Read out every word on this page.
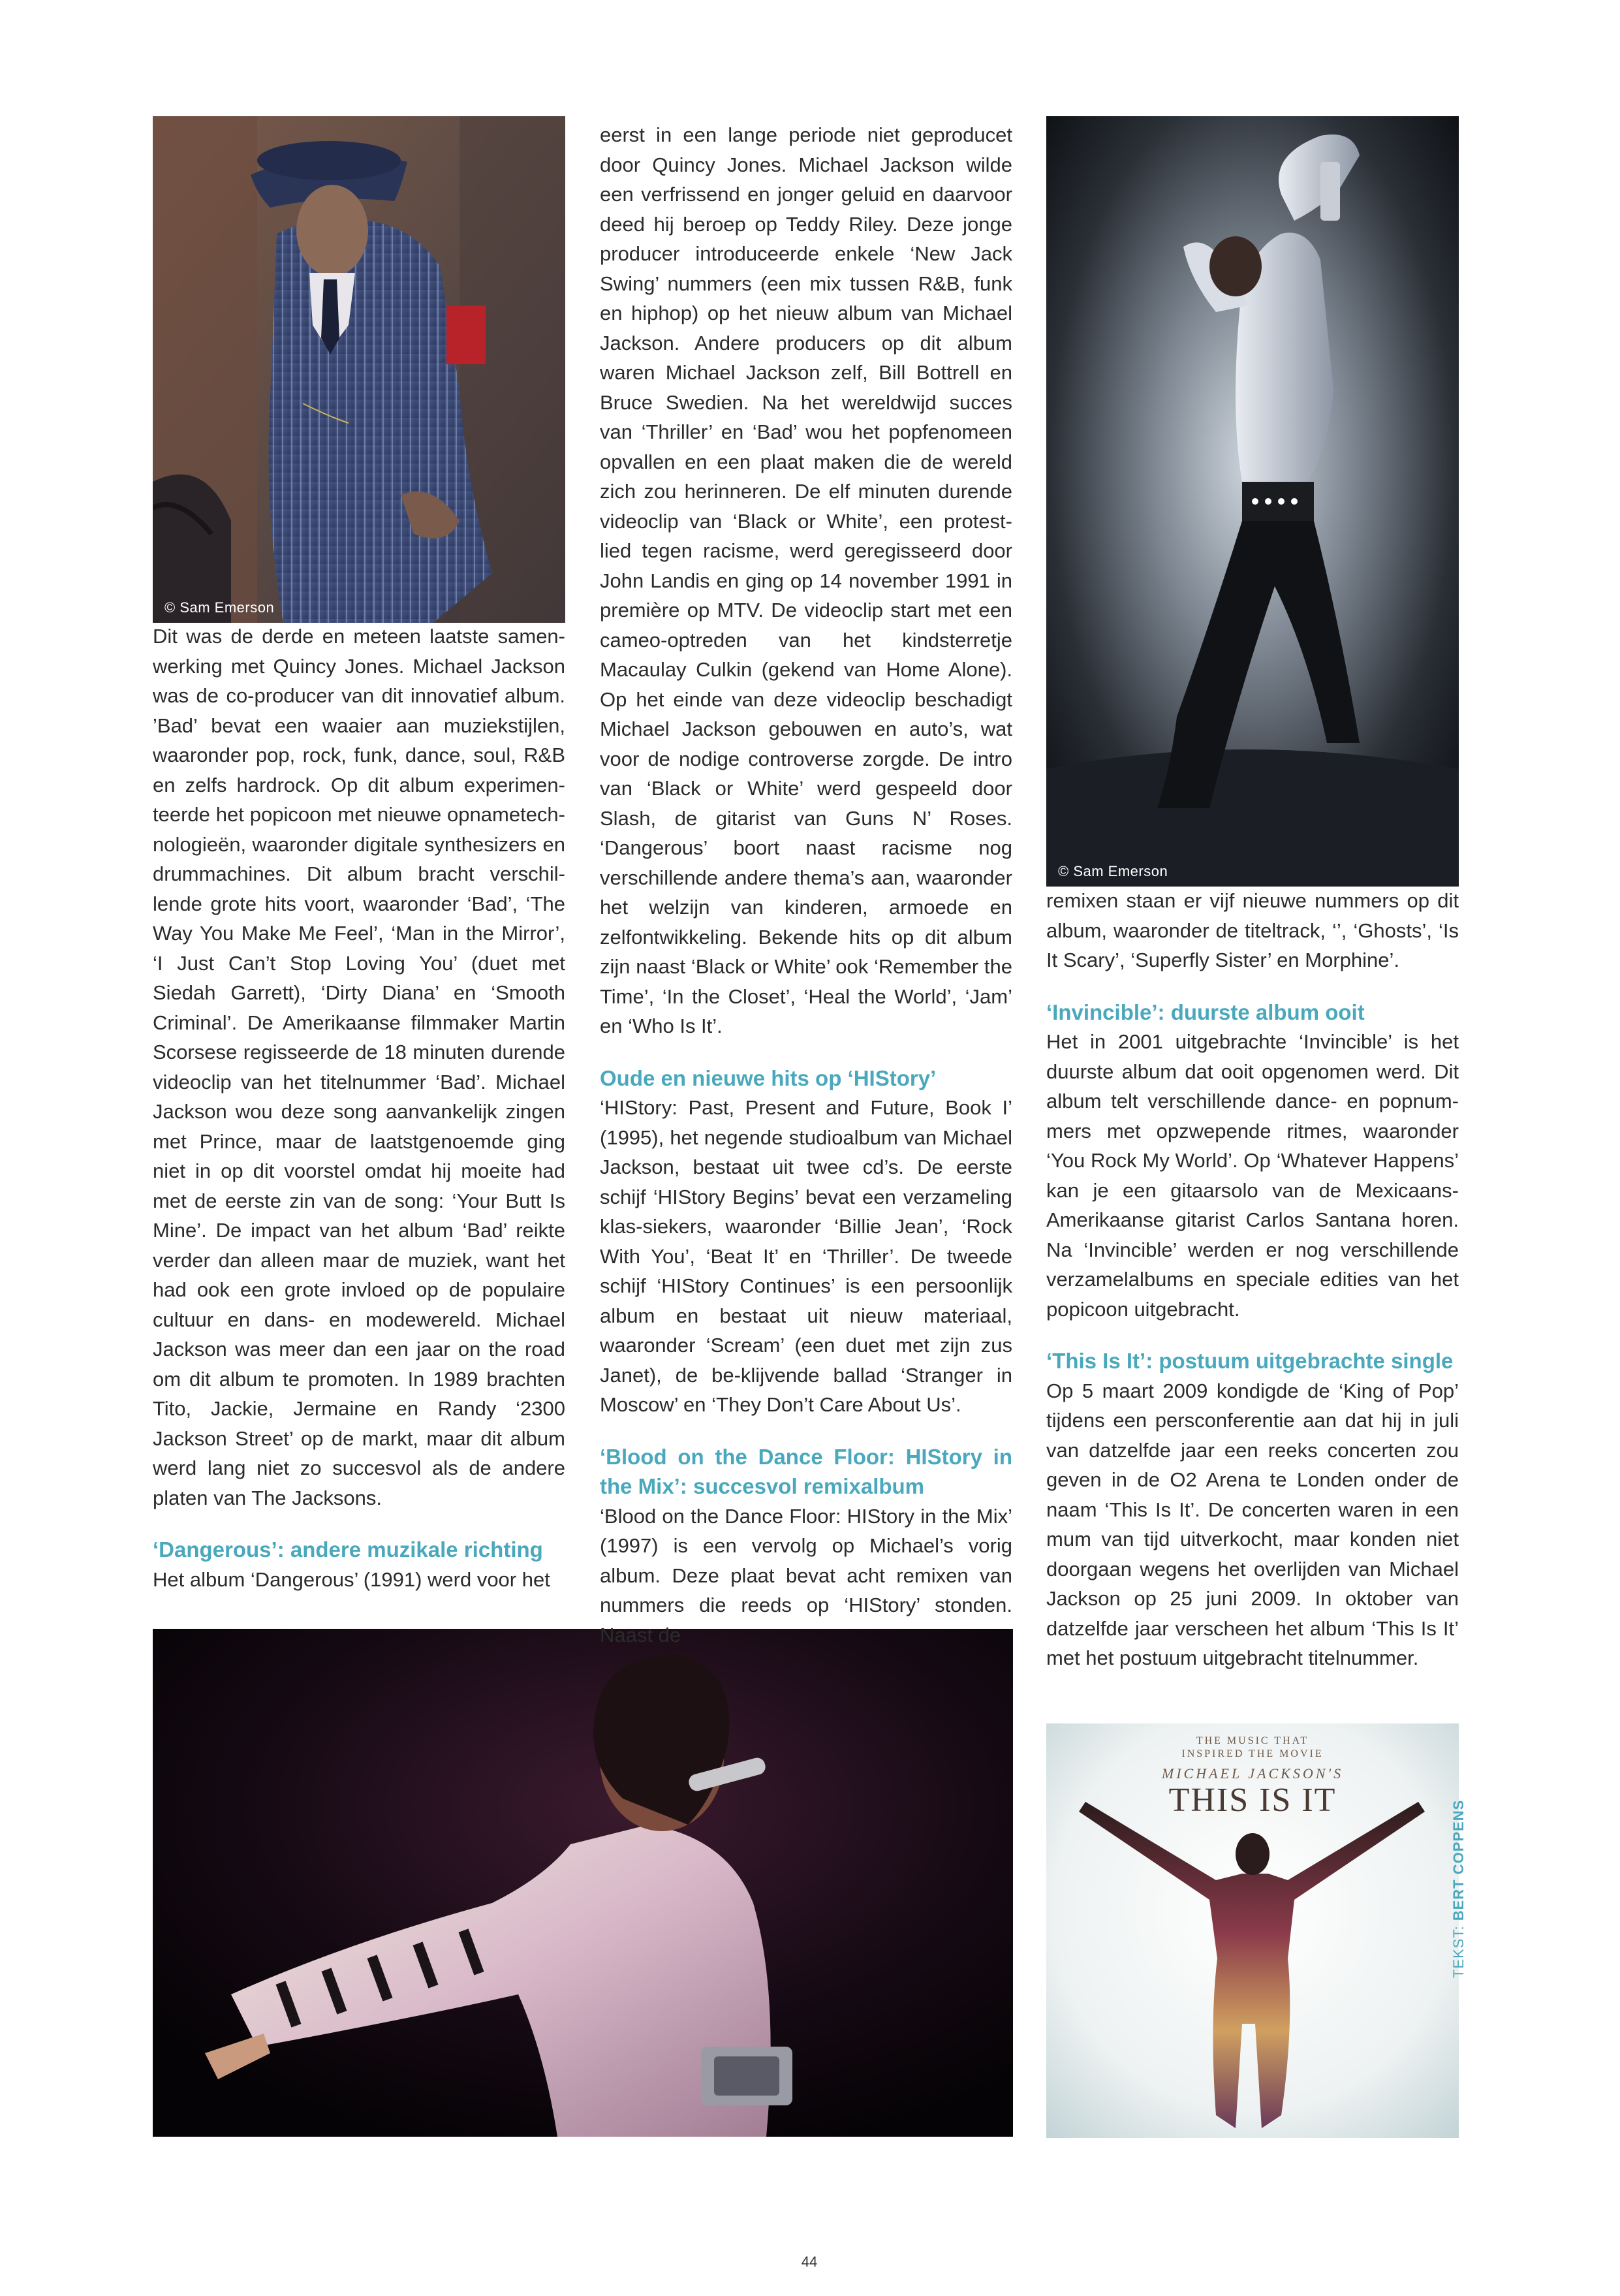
© Sam Emerson
© Sam Emerson
THE MUSIC THAT
INSPIRED THE MOVIE
MICHAEL JACKSON'S
THIS IS IT

Dit was de derde en meteen laatste samen-werking met Quincy Jones. Michael Jackson was de co-producer van dit innovatief album. ’Bad’ bevat een waaier aan muziekstijlen, waaronder pop, rock, funk, dance, soul, R&B en zelfs hardrock. Op dit album experimen-teerde het popicoon met nieuwe opnametech-nologieën, waaronder digitale synthesizers en drummachines. Dit album bracht verschil-lende grote hits voort, waaronder ‘Bad’, ‘The Way You Make Me Feel’, ‘Man in the Mirror’, ‘I Just Can’t Stop Loving You’ (duet met Siedah Garrett), ‘Dirty Diana’ en ‘Smooth Criminal’. De Amerikaanse filmmaker Martin Scorsese regisseerde de 18 minuten durende videoclip van het titelnummer ‘Bad’. Michael Jackson wou deze song aanvankelijk zingen met Prince, maar de laatstgenoemde ging niet in op dit voorstel omdat hij moeite had met de eerste zin van de song: ‘Your Butt Is Mine’. De impact van het album ‘Bad’ reikte verder dan alleen maar de muziek, want het had ook een grote invloed op de populaire cultuur en dans- en modewereld. Michael Jackson was meer dan een jaar on the road om dit album te promoten. In 1989 brachten Tito, Jackie, Jermaine en Randy ‘2300 Jackson Street’ op de markt, maar dit album werd lang niet zo succesvol als de andere platen van The Jacksons.

‘Dangerous’: andere muzikale richting

Het album ‘Dangerous’ (1991) werd voor het

eerst in een lange periode niet geproducet door Quincy Jones. Michael Jackson wilde een verfrissend en jonger geluid en daarvoor deed hij beroep op Teddy Riley. Deze jonge producer introduceerde enkele ‘New Jack Swing’ nummers (een mix tussen R&B, funk en hiphop) op het nieuw album van Michael Jackson. Andere producers op dit album waren Michael Jackson zelf, Bill Bottrell en Bruce Swedien. Na het wereldwijd succes van ‘Thriller’ en ‘Bad’ wou het popfenomeen opvallen en een plaat maken die de wereld zich zou herinneren. De elf minuten durende videoclip van ‘Black or White’, een protest-lied tegen racisme, werd geregisseerd door John Landis en ging op 14 november 1991 in première op MTV. De videoclip start met een cameo-optreden van het kindsterretje Macaulay Culkin (gekend van Home Alone). Op het einde van deze videoclip beschadigt Michael Jackson gebouwen en auto’s, wat voor de nodige controverse zorgde. De intro van ‘Black or White’ werd gespeeld door Slash, de gitarist van Guns N’ Roses. ‘Dangerous’ boort naast racisme nog verschillende andere thema’s aan, waaronder het welzijn van kinderen, armoede en zelfontwikkeling. Bekende hits op dit album zijn naast ‘Black or White’ ook ‘Remember the Time’, ‘In the Closet’, ‘Heal the World’, ‘Jam’ en ‘Who Is It’.

Oude en nieuwe hits op ‘HIStory’

‘HIStory: Past, Present and Future, Book I’ (1995), het negende studioalbum van Michael Jackson, bestaat uit twee cd’s. De eerste schijf ‘HIStory Begins’ bevat een verzameling klas-siekers, waaronder ‘Billie Jean’, ‘Rock With You’, ‘Beat It’ en ‘Thriller’. De tweede schijf ‘HIStory Continues’ is een persoonlijk album en bestaat uit nieuw materiaal, waaronder ‘Scream’ (een duet met zijn zus Janet), de be-klijvende ballad ‘Stranger in Moscow’ en ‘They Don’t Care About Us’.

‘Blood on the Dance Floor: HIStory in the Mix’: succesvol remixalbum

‘Blood on the Dance Floor: HIStory in the Mix’ (1997) is een vervolg op Michael’s vorig album. Deze plaat bevat acht remixen van nummers die reeds op ‘HIStory’ stonden. Naast de

remixen staan er vijf nieuwe nummers op dit album, waaronder de titeltrack, ‘’, ‘Ghosts’, ‘Is It Scary’, ‘Superfly Sister’ en Morphine’.

‘Invincible’: duurste album ooit

Het in 2001 uitgebrachte ‘Invincible’ is het duurste album dat ooit opgenomen werd. Dit album telt verschillende dance- en popnum-mers met opzwepende ritmes, waaronder ‘You Rock My World’. Op ‘Whatever Happens’ kan je een gitaarsolo van de Mexicaans-Amerikaanse gitarist Carlos Santana horen. Na ‘Invincible’ werden er nog verschillende verzamelalbums en speciale edities van het popicoon uitgebracht.

‘This Is It’: postuum uitgebrachte single

Op 5 maart 2009 kondigde de ‘King of Pop’ tijdens een persconferentie aan dat hij in juli van datzelfde jaar een reeks concerten zou geven in de O2 Arena te Londen onder de naam ‘This Is It’. De concerten waren in een mum van tijd uitverkocht, maar konden niet doorgaan wegens het overlijden van Michael Jackson op 25 juni 2009. In oktober van datzelfde jaar verscheen het album ‘This Is It’ met het postuum uitgebracht titelnummer.

TEKST: BERT COPPENS
44
